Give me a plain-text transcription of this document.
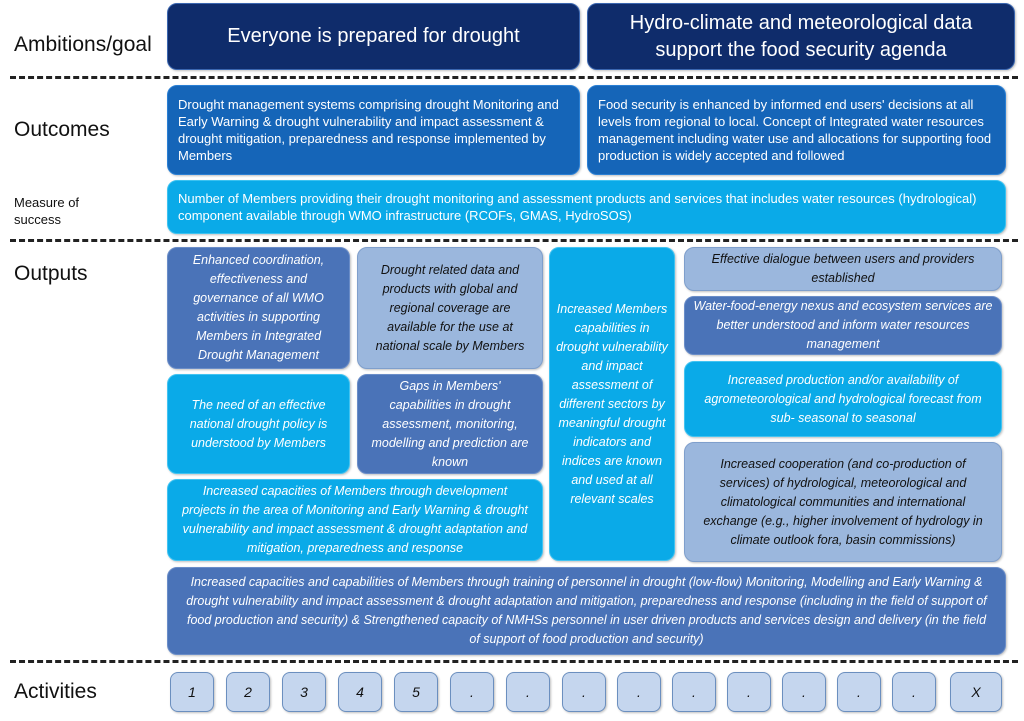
Ambitions/goal
Outcomes
Measure of success
Outputs
Activities
Everyone is prepared for drought
Hydro-climate and meteorological data support the food security agenda
Drought management systems comprising drought Monitoring and Early Warning & drought vulnerability and impact assessment & drought mitigation, preparedness and response implemented by Members
Food security is enhanced by informed end users' decisions at all levels from regional to local. Concept of Integrated water resources management including water use and allocations for supporting food production is widely accepted and followed
Number of Members providing their drought monitoring and assessment products and services that includes water resources (hydrological) component available through WMO infrastructure (RCOFs, GMAS, HydroSOS)
Enhanced coordination, effectiveness and governance of all WMO activities in supporting Members in Integrated Drought Management
Drought related data and products with global and regional coverage are available for the use at national scale by Members
Increased Members capabilities in drought vulnerability and impact assessment of different sectors by meaningful drought indicators and indices are known and used at all relevant scales
Effective dialogue between users and providers established
Water-food-energy nexus and ecosystem services are better understood and inform water resources management
The need of an effective national drought policy is understood by Members
Gaps in Members' capabilities in drought assessment, monitoring, modelling and prediction are known
Increased production and/or availability of agrometeorological and hydrological forecast from sub- seasonal to seasonal
Increased cooperation (and co-production of services) of hydrological, meteorological and climatological communities and international exchange (e.g., higher involvement of hydrology in climate outlook fora, basin commissions)
Increased capacities of Members through development projects in the area of Monitoring and Early Warning & drought vulnerability and impact assessment & drought adaptation and mitigation, preparedness and response
Increased capacities and capabilities of Members through training of personnel in drought (low-flow) Monitoring, Modelling and Early Warning & drought vulnerability and impact assessment & drought adaptation and mitigation, preparedness and response (including in the field of support of food production and security) & Strengthened capacity of NMHSs personnel in user driven products and services design and delivery (in the field of support of food production and security)
1	2	3	4	5	.	.	.	.	.	.	.	.	.	X
